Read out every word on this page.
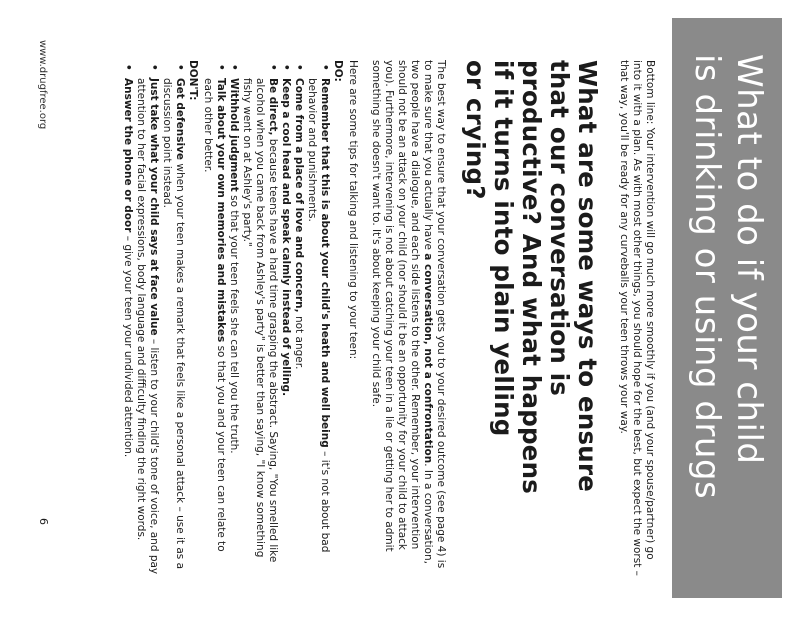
What to do if your child
is drinking or using drugs

Bottom line: Your intervention will go much more smoothly if you (and your spouse/partner) go into it with a plan. As with most other things, you should hope for the best, but expect the worst – that way, you'll be ready for any curveballs your teen throws your way.

What are some ways to ensure
that our conversation is
productive? And what happens
if it turns into plain yelling
or crying?

The best way to ensure that your conversation gets you to your desired outcome (see page 4) is to make sure that you actually have a conversation, not a confrontation. In a conversation, two people have a dialogue, and each side listens to the other. Remember, your intervention should not be an attack on your child (nor should it be an opportunity for your child to attack you). Furthermore, intervening is not about catching your teen in a lie or getting her to admit something she doesn't want to. It's about keeping your child safe.

Here are some tips for talking and listening to your teen:

DO:

• Remember that this is about your child's heath and well being – it's not about bad behavior and punishments.
• Come from a place of love and concern, not anger.
• Keep a cool head and speak calmly instead of yelling.
• Be direct, because teens have a hard time grasping the abstract. Saying, "You smelled like alcohol when you came back from Ashley's party" is better than saying, "I know something fishy went on at Ashley's party."
• Withhold judgment so that your teen feels she can tell you the truth.
• Talk about your own memories and mistakes so that you and your teen can relate to each other better.

DON'T:

• Get defensive when your teen makes a remark that feels like a personal attack – use it as a discussion point instead.
• Just take what your child says at face value – listen to your child's tone of voice, and pay attention to her facial expressions, body language and difficulty finding the right words.
• Answer the phone or door – give your teen your undivided attention.
www.drugfree.org
6
